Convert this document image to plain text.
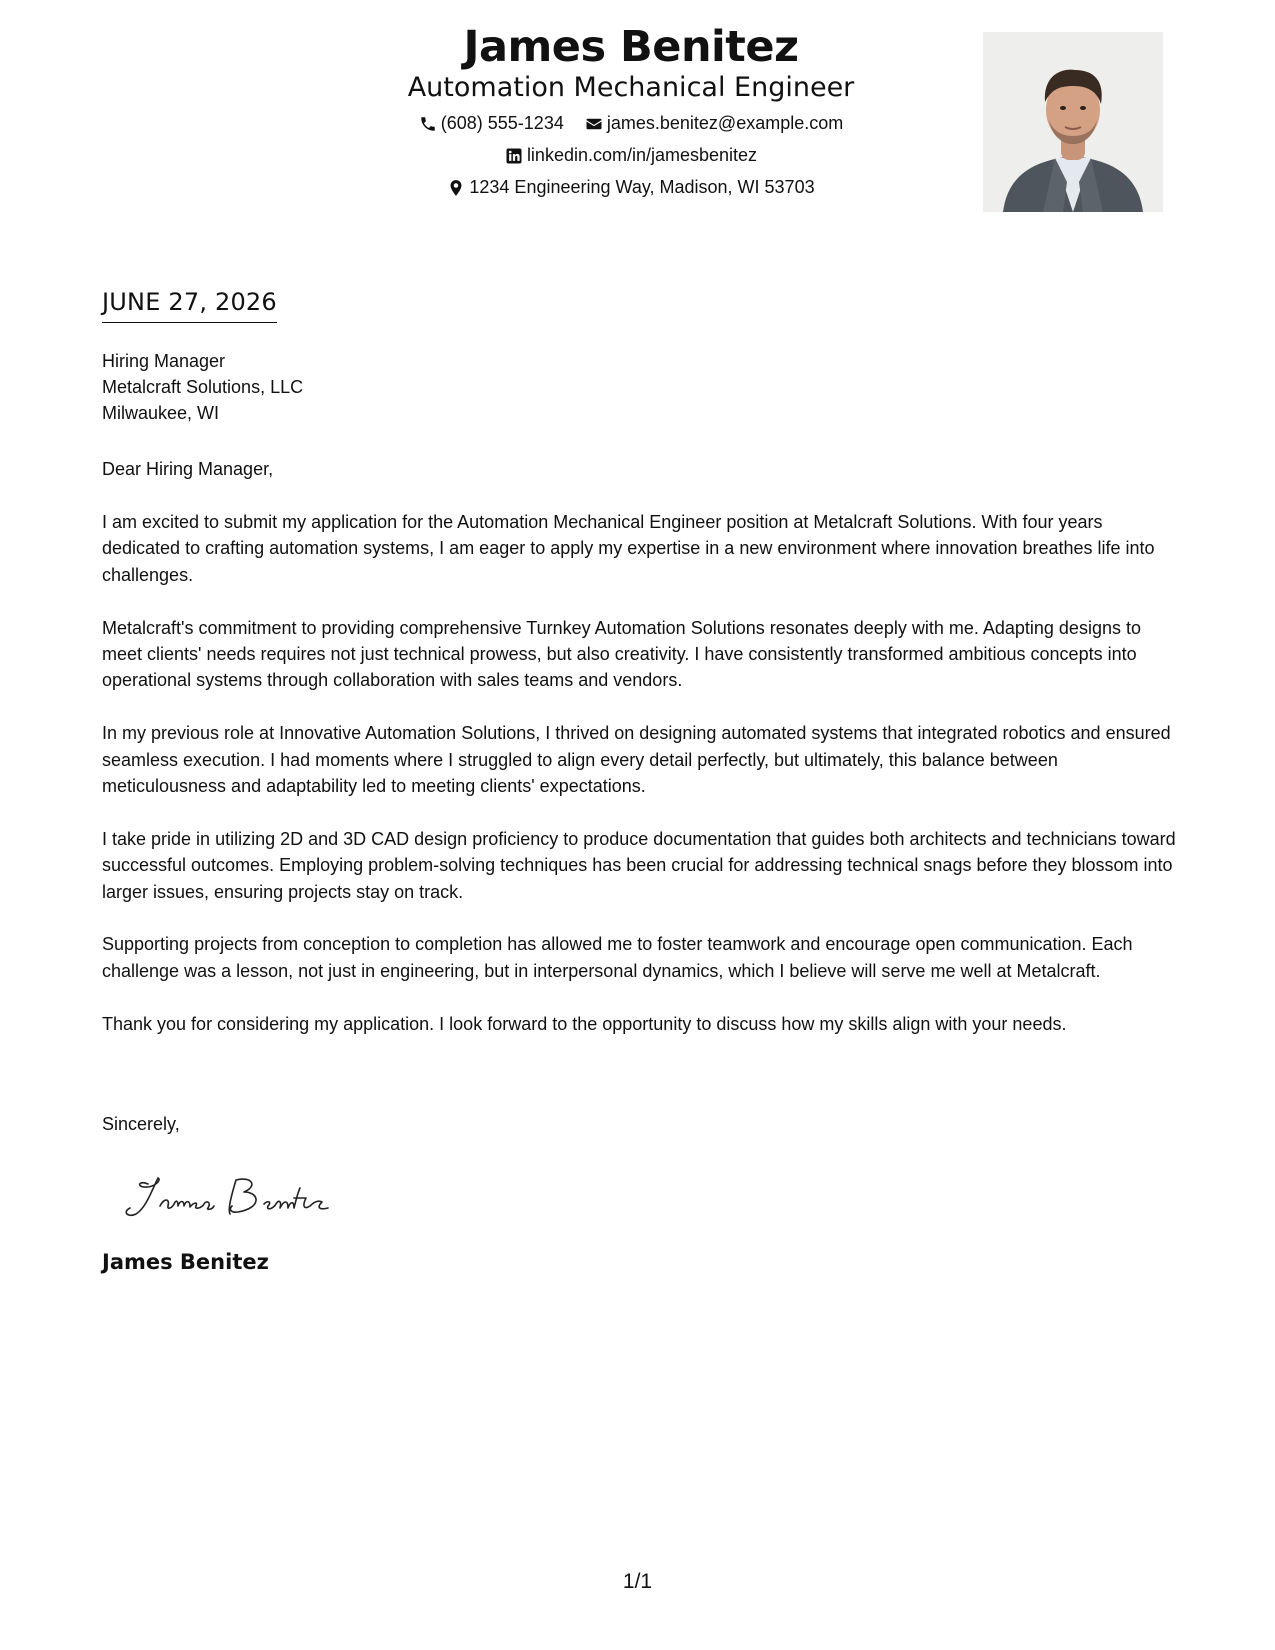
James Benitez
Automation Mechanical Engineer
(608) 555-1234
james.benitez@example.com
linkedin.com/in/jamesbenitez
1234 Engineering Way, Madison, WI 53703
JUNE 27, 2026
Hiring Manager
Metalcraft Solutions, LLC
Milwaukee, WI
Dear Hiring Manager,

I am excited to submit my application for the Automation Mechanical Engineer position at Metalcraft Solutions. With four years dedicated to crafting automation systems, I am eager to apply my expertise in a new environment where innovation breathes life into challenges.

Metalcraft's commitment to providing comprehensive Turnkey Automation Solutions resonates deeply with me. Adapting designs to meet clients' needs requires not just technical prowess, but also creativity. I have consistently transformed ambitious concepts into operational systems through collaboration with sales teams and vendors.

In my previous role at Innovative Automation Solutions, I thrived on designing automated systems that integrated robotics and ensured seamless execution. I had moments where I struggled to align every detail perfectly, but ultimately, this balance between meticulousness and adaptability led to meeting clients' expectations.

I take pride in utilizing 2D and 3D CAD design proficiency to produce documentation that guides both architects and technicians toward successful outcomes. Employing problem-solving techniques has been crucial for addressing technical snags before they blossom into larger issues, ensuring projects stay on track.

Supporting projects from conception to completion has allowed me to foster teamwork and encourage open communication. Each challenge was a lesson, not just in engineering, but in interpersonal dynamics, which I believe will serve me well at Metalcraft.

Thank you for considering my application. I look forward to the opportunity to discuss how my skills align with your needs.

Sincerely,
James Benitez
1/1
